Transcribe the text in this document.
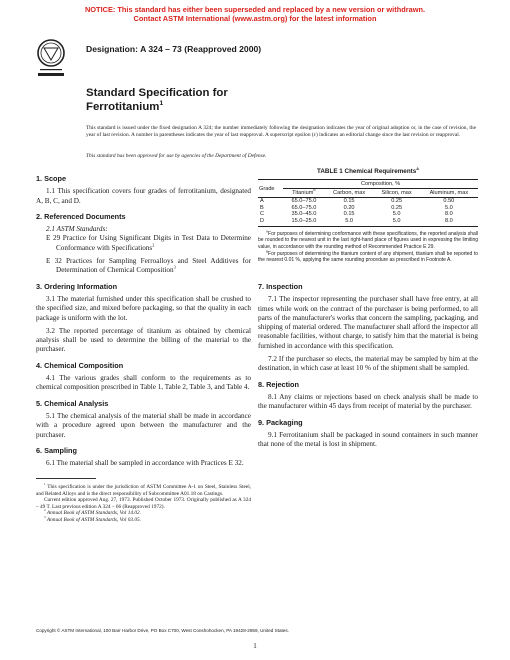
NOTICE: This standard has either been superseded and replaced by a new version or withdrawn.
Contact ASTM International (www.astm.org) for the latest information
Designation: A 324 – 73 (Reapproved 2000)
Standard Specification for
Ferrotitanium$^1$
This standard is issued under the fixed designation A 324; the number immediately following the designation indicates the year of original adoption or, in the case of revision, the year of last revision. A number in parentheses indicates the year of last reapproval. A superscript epsilon (ε) indicates an editorial change since the last revision or reapproval.
This standard has been approved for use by agencies of the Department of Defense.
1. Scope

1.1 This specification covers four grades of ferrotitanium, designated A, B, C, and D.

2. Referenced Documents

2.1 ASTM Standards:

E 29 Practice for Using Significant Digits in Test Data to Determine Conformance with Specifications$^2$

E 32 Practices for Sampling Ferroalloys and Steel Additives for Determination of Chemical Composition$^3$

3. Ordering Information

3.1 The material furnished under this specification shall be crushed to the specified size, and mixed before packaging, so that the quality in each package is uniform with the lot.

3.2 The reported percentage of titanium as obtained by chemical analysis shall be used to determine the billing of the material to the purchaser.

4. Chemical Composition

4.1 The various grades shall conform to the requirements as to chemical composition prescribed in Table 1, Table 2, Table 3, and Table 4.

5. Chemical Analysis

5.1 The chemical analysis of the material shall be made in accordance with a procedure agreed upon between the manufacturer and the purchaser.

6. Sampling

6.1 The material shall be sampled in accordance with Practices E 32.

$^1$ This specification is under the jurisdiction of ASTM Committee A-1 on Steel, Stainless Steel, and Related Alloys and is the direct responsibility of Subcommittee A01.18 on Castings.

Current edition approved Aug. 27, 1973. Published October 1973. Originally published as A 324 – 49 T. Last previous edition A 324 – 66 (Reapproved 1972).

$^2$ Annual Book of ASTM Standards, Vol 14.02.

$^3$ Annual Book of ASTM Standards, Vol 03.05.

TABLE 1 Chemical Requirements$^A$
Grade	Composition, %			
	Titanium$^B$	Carbon, max	Silicon, max	Aluminum, max
A	65.0–75.0	0.15	0.25	0.50
B	65.0–75.0	0.20	0.25	5.0
C	35.0–45.0	0.15	5.0	8.0
D	15.0–25.0	5.0	5.0	8.0

$^A$For purposes of determining conformance with these specifications, the reported analysis shall be rounded to the nearest unit in the last right-hand place of figures used in expressing the limiting value, in accordance with the rounding method of Recommended Practice E 29.

$^B$For purposes of determining the titanium content of any shipment, titanium shall be reported to the nearest 0.01 %, applying the same rounding procedure as prescribed in Footnote A.

7. Inspection

7.1 The inspector representing the purchaser shall have free entry, at all times while work on the contract of the purchaser is being performed, to all parts of the manufacturer's works that concern the sampling, packaging, and shipping of material ordered. The manufacturer shall afford the inspector all reasonable facilities, without charge, to satisfy him that the material is being furnished in accordance with this specification.

7.2 If the purchaser so elects, the material may be sampled by him at the destination, in which case at least 10 % of the shipment shall be sampled.

8. Rejection

8.1 Any claims or rejections based on check analysis shall be made to the manufacturer within 45 days from receipt of material by the purchaser.

9. Packaging

9.1 Ferrotitanium shall be packaged in sound containers in such manner that none of the metal is lost in shipment.

Copyright © ASTM International, 100 Barr Harbor Drive, PO Box C700, West Conshohocken, PA 19428-2959, United States.
1
